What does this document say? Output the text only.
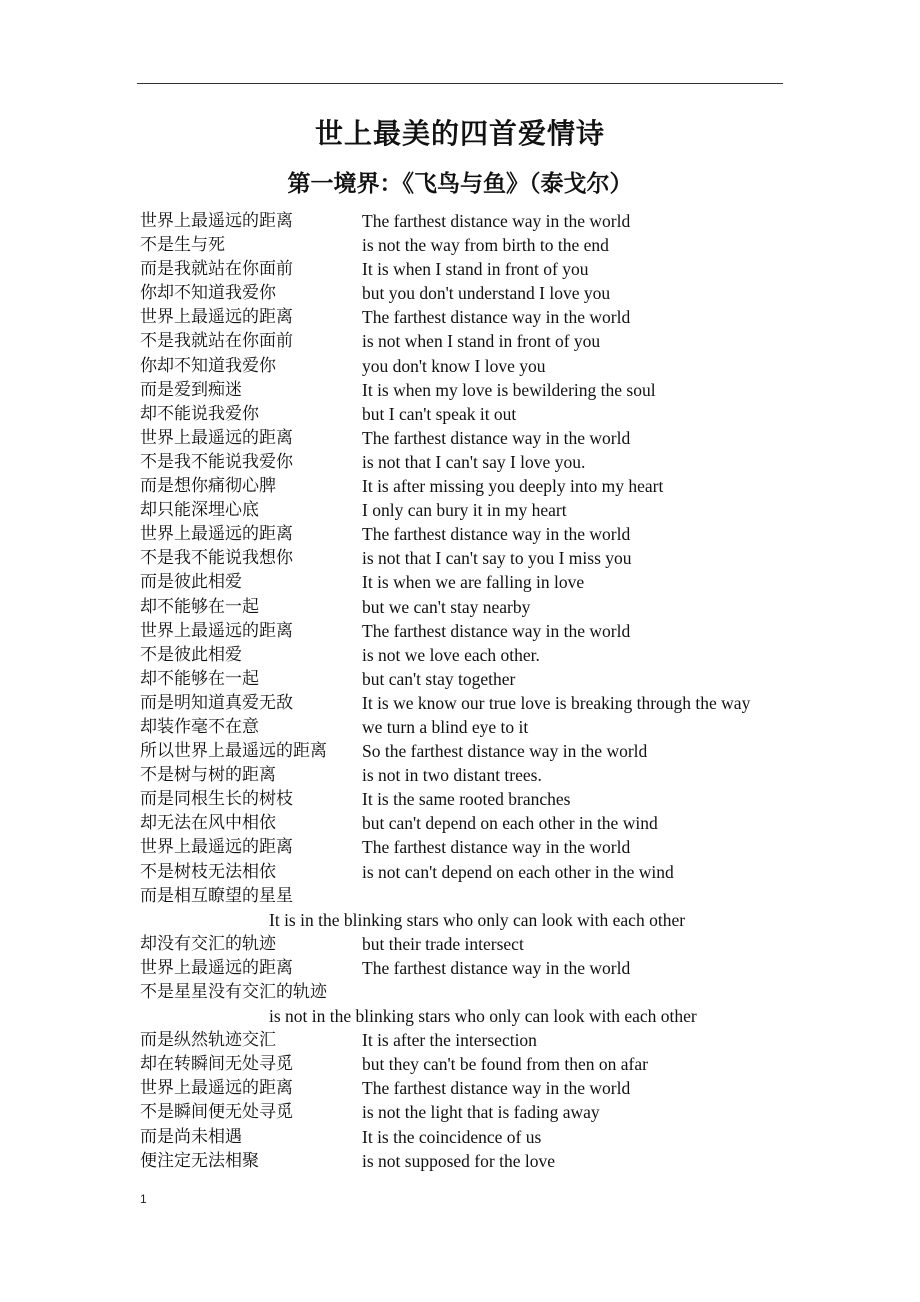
世上最美的四首爱情诗
第一境界：《飞鸟与鱼》（泰戈尔）
世界上最遥远的距离	The farthest distance way in the world
不是生与死	is not the way from birth to the end
而是我就站在你面前	It is when I stand in front of you
你却不知道我爱你	but you don't understand I love you
世界上最遥远的距离	The farthest distance way in the world
不是我就站在你面前	is not when I stand in front of you
你却不知道我爱你	you don't know I love you
而是爱到痴迷	It is when my love is bewildering the soul
却不能说我爱你	but I can't speak it out
世界上最遥远的距离	The farthest distance way in the world
不是我不能说我爱你	is not that I can't say I love you.
而是想你痛彻心脾	It is after missing you deeply into my heart
却只能深埋心底	I only can bury it in my heart
世界上最遥远的距离	The farthest distance way in the world
不是我不能说我想你	is not that I can't say to you I miss you
而是彼此相爱	It is when we are falling in love
却不能够在一起	but we can't stay nearby
世界上最遥远的距离	The farthest distance way in the world
不是彼此相爱	is not we love each other.
却不能够在一起	but can't stay together
而是明知道真爱无敌	It is we know our true love is breaking through the way
却装作毫不在意	we turn a blind eye to it
所以世界上最遥远的距离 So the farthest distance way in the world
不是树与树的距离	is not in two distant trees.
而是同根生长的树枝	It is the same rooted branches
却无法在风中相依	but can't depend on each other in the wind
世界上最遥远的距离	The farthest distance way in the world
不是树枝无法相依	is not can't depend on each other in the wind
而是相互瞭望的星星
It is in the blinking stars who only can look with each other
却没有交汇的轨迹	but their trade intersect
世界上最遥远的距离	The farthest distance way in the world
不是星星没有交汇的轨迹
is not in the blinking stars who only can look with each other
而是纵然轨迹交汇	It is after the intersection
却在转瞬间无处寻觅	but they can't be found from then on afar
世界上最遥远的距离	The farthest distance way in the world
不是瞬间便无处寻觅	is not the light that is fading away
而是尚未相遇	It is the coincidence of us
便注定无法相聚	is not supposed for the love
1
